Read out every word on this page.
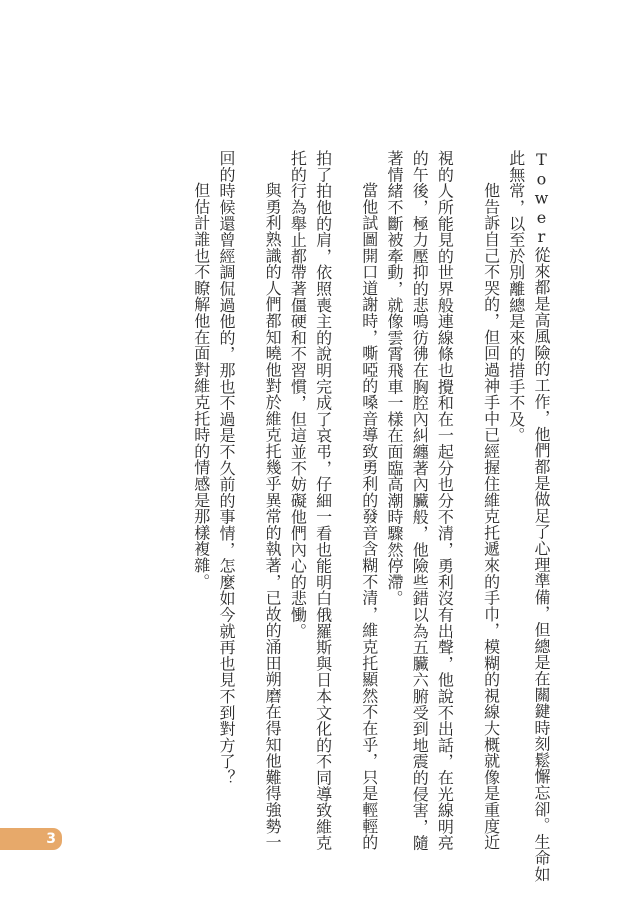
Tower從來都是高風險的工作，他們都是做足了心理準備，但總是在關鍵時刻鬆懈忘卻。生命如
此無常，以至於別離總是來的措手不及。
他告訴自己不哭的，但回過神手中已經握住維克托遞來的手巾，模糊的視線大概就像是重度近
視的人所能見的世界般連線條也攪和在一起分也分不清，勇利沒有出聲，他說不出話，在光線明亮
的午後，極力壓抑的悲鳴彷彿在胸腔內糾纏著內臟般，他險些錯以為五臟六腑受到地震的侵害，隨
著情緒不斷被牽動，就像雲霄飛車一樣在面臨高潮時驟然停滯。
當他試圖開口道謝時，嘶啞的嗓音導致勇利的發音含糊不清，維克托顯然不在乎，只是輕輕的
拍了拍他的肩，依照喪主的說明完成了哀弔，仔細一看也能明白俄羅斯與日本文化的不同導致維克
托的行為舉止都帶著僵硬和不習慣，但這並不妨礙他們內心的悲慟。
與勇利熟識的人們都知曉他對於維克托幾乎異常的執著，已故的涌田朔磨在得知他難得強勢一
回的時候還曾經調侃過他的，那也不過是不久前的事情，怎麼如今就再也見不到對方了？
但估計誰也不瞭解他在面對維克托時的情感是那樣複雜。
3
